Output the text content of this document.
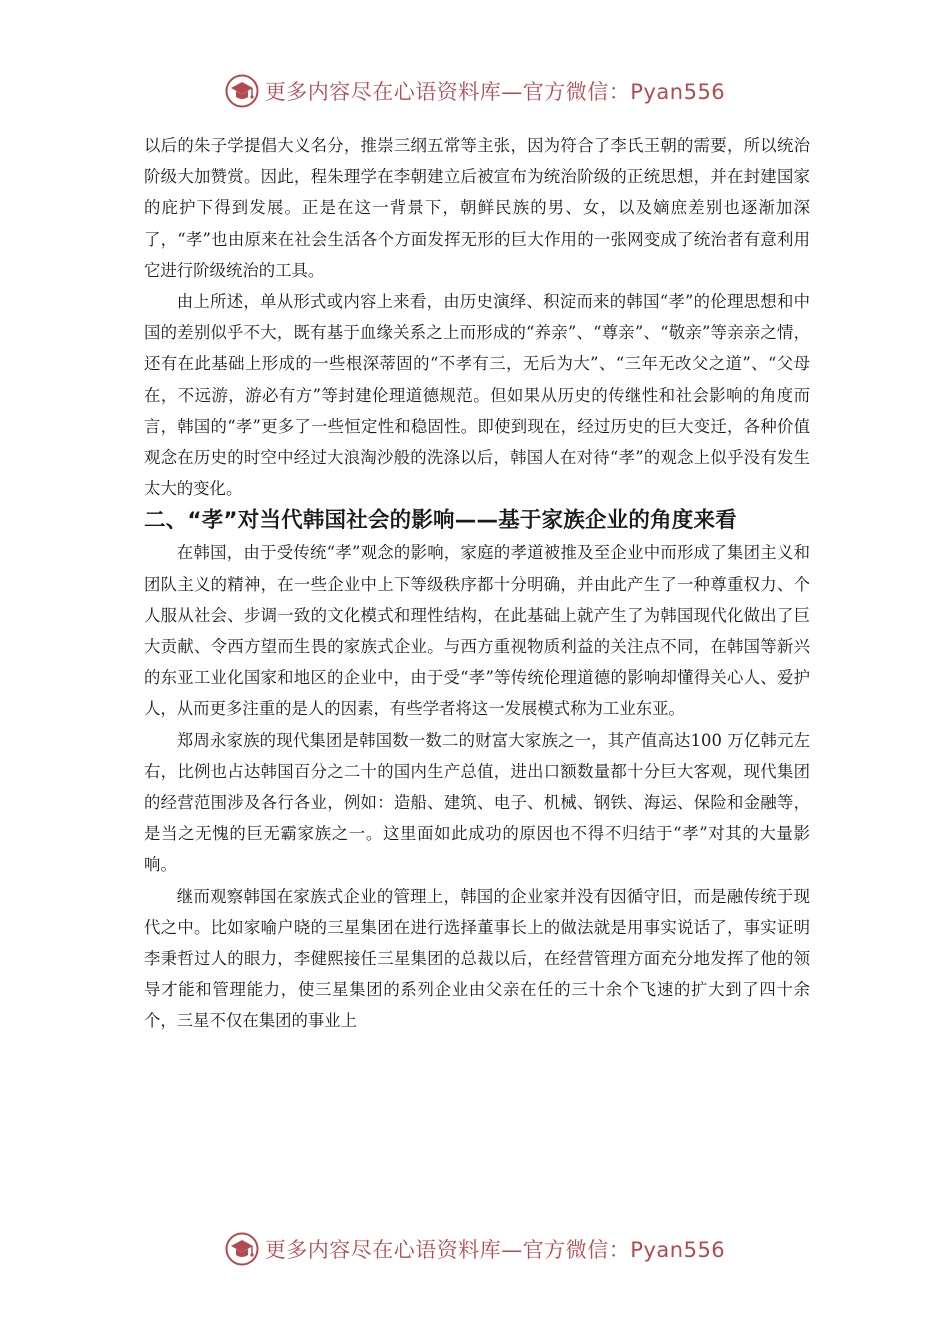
更多内容尽在心语资料库—官方微信：Pyan556

以后的朱子学提倡大义名分，推崇三纲五常等主张，因为符合了李氏王朝的需要，所以统治阶级大加赞赏。因此，程朱理学在李朝建立后被宣布为统治阶级的正统思想，并在封建国家的庇护下得到发展。正是在这一背景下，朝鲜民族的男、女，以及嫡庶差别也逐渐加深了，“孝”也由原来在社会生活各个方面发挥无形的巨大作用的一张网变成了统治者有意利用它进行阶级统治的工具。

由上所述，单从形式或内容上来看，由历史演绎、积淀而来的韩国“孝”的伦理思想和中国的差别似乎不大，既有基于血缘关系之上而形成的“养亲”、“尊亲”、“敬亲”等亲亲之情，还有在此基础上形成的一些根深蒂固的“不孝有三，无后为大”、“三年无改父之道”、“父母在，不远游，游必有方”等封建伦理道德规范。但如果从历史的传继性和社会影响的角度而言，韩国的“孝”更多了一些恒定性和稳固性。即使到现在，经过历史的巨大变迁，各种价值观念在历史的时空中经过大浪淘沙般的洗涤以后，韩国人在对待“孝”的观念上似乎没有发生太大的变化。

二、“孝”对当代韩国社会的影响——基于家族企业的角度来看

在韩国，由于受传统“孝”观念的影响，家庭的孝道被推及至企业中而形成了集团主义和团队主义的精神，在一些企业中上下等级秩序都十分明确，并由此产生了一种尊重权力、个人服从社会、步调一致的文化模式和理性结构，在此基础上就产生了为韩国现代化做出了巨大贡献、令西方望而生畏的家族式企业。与西方重视物质利益的关注点不同，在韩国等新兴的东亚工业化国家和地区的企业中，由于受“孝”等传统伦理道德的影响却懂得关心人、爱护人，从而更多注重的是人的因素，有些学者将这一发展模式称为工业东亚。

郑周永家族的现代集团是韩国数一数二的财富大家族之一，其产值高达100 万亿韩元左右，比例也占达韩国百分之二十的国内生产总值，进出口额数量都十分巨大客观，现代集团的经营范围涉及各行各业，例如：造船、建筑、电子、机械、钢铁、海运、保险和金融等，是当之无愧的巨无霸家族之一。这里面如此成功的原因也不得不归结于“孝”对其的大量影响。

继而观察韩国在家族式企业的管理上，韩国的企业家并没有因循守旧，而是融传统于现代之中。比如家喻户晓的三星集团在进行选择董事长上的做法就是用事实说话了，事实证明李秉哲过人的眼力，李健熙接任三星集团的总裁以后，在经营管理方面充分地发挥了他的领导才能和管理能力，使三星集团的系列企业由父亲在任的三十余个飞速的扩大到了四十余个，三星不仅在集团的事业上

更多内容尽在心语资料库—官方微信：Pyan556
